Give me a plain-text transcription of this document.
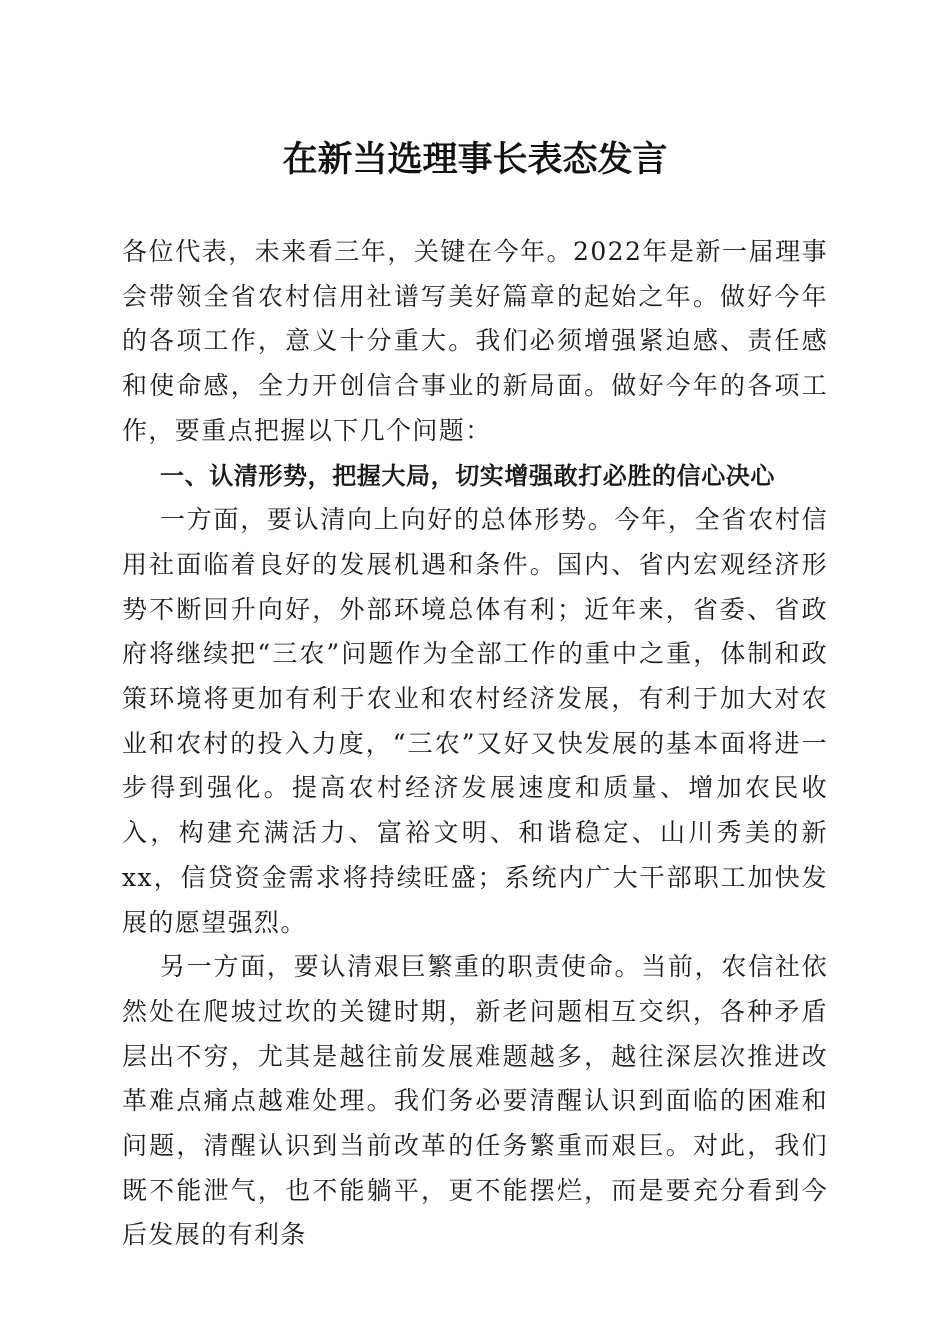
在新当选理事长表态发言

各位代表，未来看三年，关键在今年。2022年是新一届理事会带领全省农村信用社谱写美好篇章的起始之年。做好今年的各项工作，意义十分重大。我们必须增强紧迫感、责任感和使命感，全力开创信合事业的新局面。做好今年的各项工作，要重点把握以下几个问题：

一、认清形势，把握大局，切实增强敢打必胜的信心决心

一方面，要认清向上向好的总体形势。今年，全省农村信用社面临着良好的发展机遇和条件。国内、省内宏观经济形势不断回升向好，外部环境总体有利；近年来，省委、省政府将继续把“三农”问题作为全部工作的重中之重，体制和政策环境将更加有利于农业和农村经济发展，有利于加大对农业和农村的投入力度，“三农”又好又快发展的基本面将进一步得到强化。提高农村经济发展速度和质量、增加农民收入，构建充满活力、富裕文明、和谐稳定、山川秀美的新xx，信贷资金需求将持续旺盛；系统内广大干部职工加快发展的愿望强烈。

另一方面，要认清艰巨繁重的职责使命。当前，农信社依然处在爬坡过坎的关键时期，新老问题相互交织，各种矛盾层出不穷，尤其是越往前发展难题越多，越往深层次推进改革难点痛点越难处理。我们务必要清醒认识到面临的困难和问题，清醒认识到当前改革的任务繁重而艰巨。对此，我们既不能泄气，也不能躺平，更不能摆烂，而是要充分看到今后发展的有利条
